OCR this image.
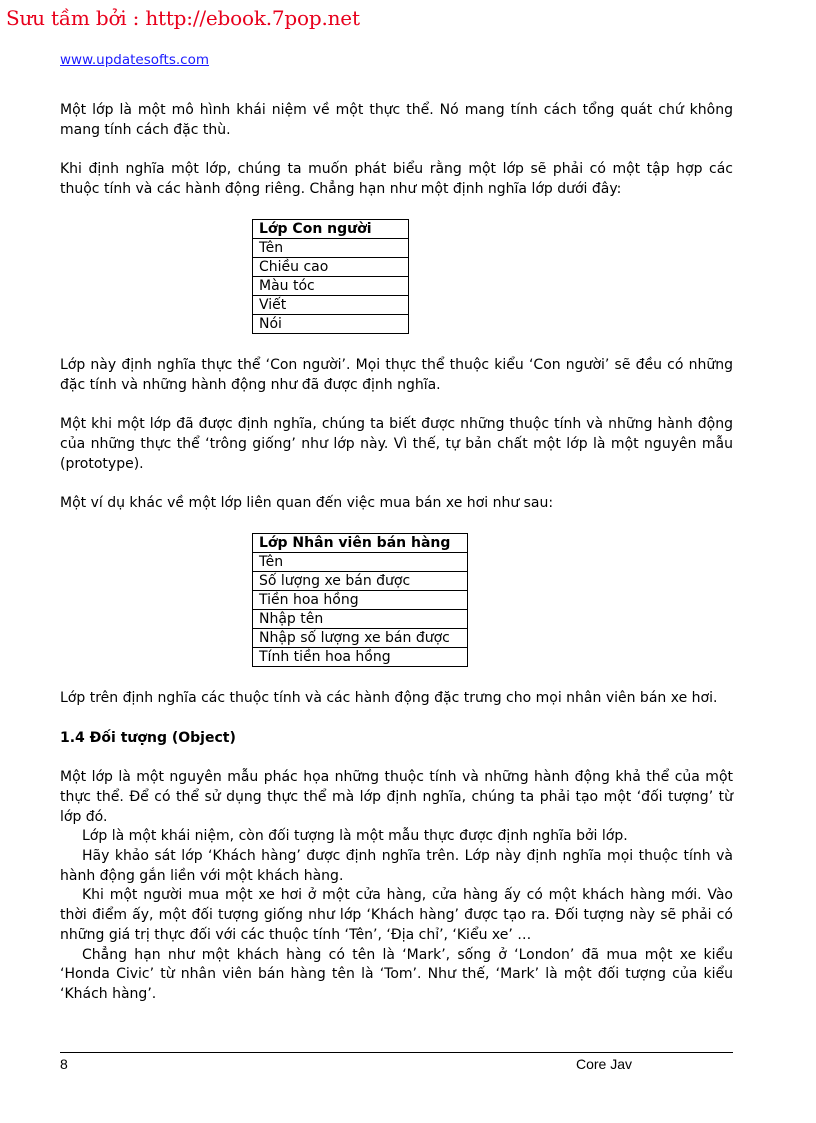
Sưu tầm bởi : http://ebook.7pop.net
www.updatesofts.com

Một lớp là một mô hình khái niệm về một thực thể. Nó mang tính cách tổng quát chứ không mang tính cách đặc thù.

Khi định nghĩa một lớp, chúng ta muốn phát biểu rằng một lớp sẽ phải có một tập hợp các thuộc tính và các hành động riêng. Chẳng hạn như một định nghĩa lớp dưới đây:

Lớp Con người
Tên
Chiều cao
Màu tóc
Viết
Nói

Lớp này định nghĩa thực thể ‘Con người’. Mọi thực thể thuộc kiểu ‘Con người’ sẽ đều có những đặc tính và những hành động như đã được định nghĩa.

Một khi một lớp đã được định nghĩa, chúng ta biết được những thuộc tính và những hành động của những thực thể ‘trông giống’ như lớp này. Vì thế, tự bản chất một lớp là một nguyên mẫu (prototype).

Một ví dụ khác về một lớp liên quan đến việc mua bán xe hơi như sau:

Lớp Nhân viên bán hàng
Tên
Số lượng xe bán được
Tiền hoa hồng
Nhập tên
Nhập số lượng xe bán được
Tính tiền hoa hồng

Lớp trên định nghĩa các thuộc tính và các hành động đặc trưng cho mọi nhân viên bán xe hơi.

1.4 Đối tượng (Object)

Một lớp là một nguyên mẫu phác họa những thuộc tính và những hành động khả thể của một thực thể. Để có thể sử dụng thực thể mà lớp định nghĩa, chúng ta phải tạo một ‘đối tượng’ từ lớp đó.

Lớp là một khái niệm, còn đối tượng là một mẫu thực được định nghĩa bởi lớp.

Hãy khảo sát lớp ‘Khách hàng’ được định nghĩa trên. Lớp này định nghĩa mọi thuộc tính và hành động gắn liền với một khách hàng.

Khi một người mua một xe hơi ở một cửa hàng, cửa hàng ấy có một khách hàng mới. Vào thời điểm ấy, một đối tượng giống như lớp ‘Khách hàng’ được tạo ra. Đối tượng này sẽ phải có những giá trị thực đối với các thuộc tính ‘Tên’, ‘Địa chỉ’, ‘Kiểu xe’ …

Chẳng hạn như một khách hàng có tên là ‘Mark’, sống ở ‘London’ đã mua một xe kiểu ‘Honda Civic’ từ nhân viên bán hàng tên là ‘Tom’. Như thế, ‘Mark’ là một đối tượng của kiểu ‘Khách hàng’.

8	Core Jav
